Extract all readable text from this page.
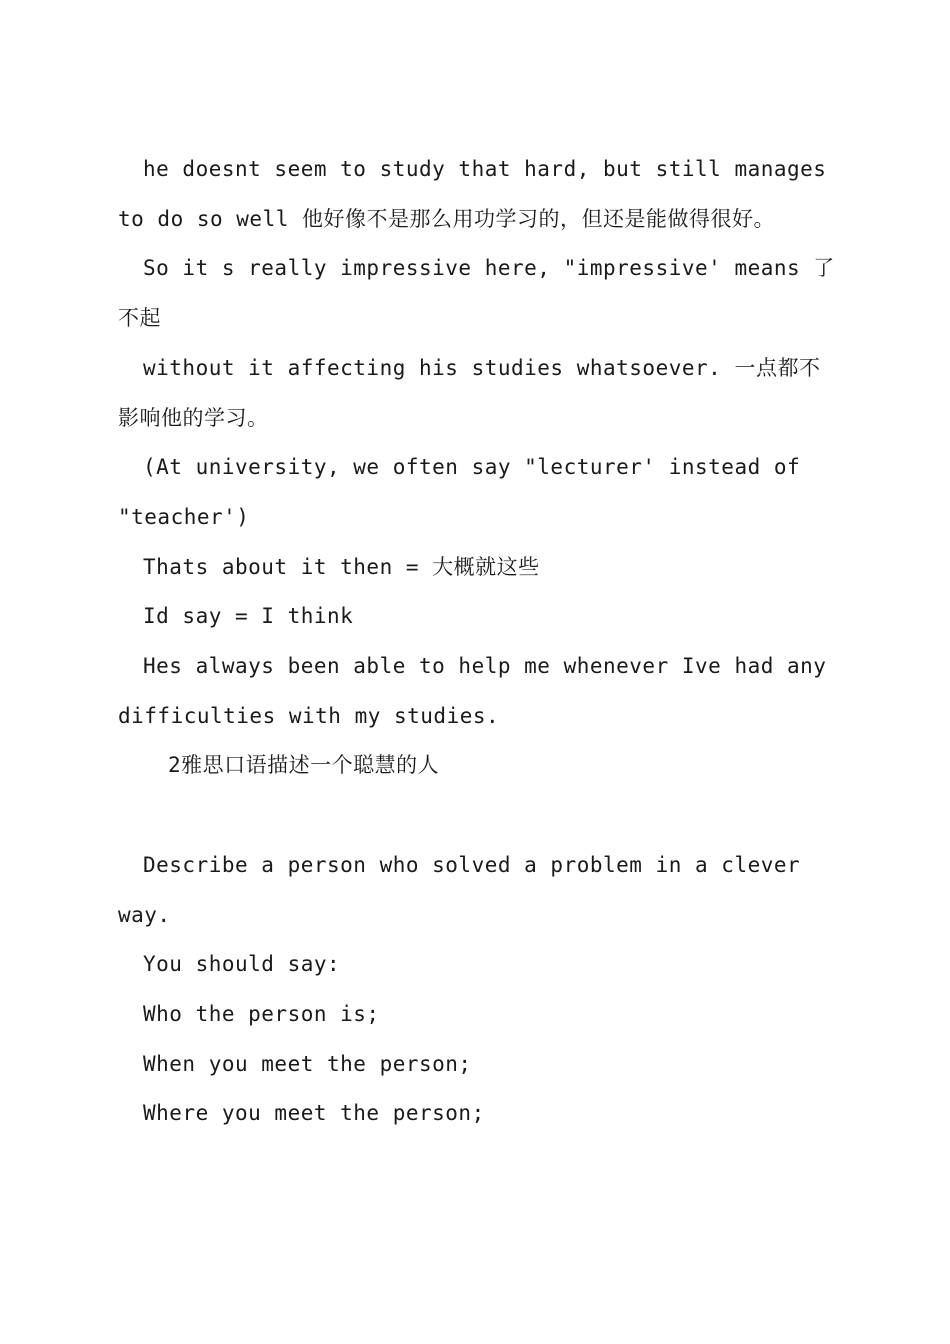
he doesnt seem to study that hard, but still manages to do so well 他好像不是那么用功学习的，但还是能做得很好。

So it s really impressive here, "impressive' means 了不起

without it affecting his studies whatsoever. 一点都不影响他的学习。

(At university, we often say "lecturer' instead of "teacher')

Thats about it then = 大概就这些

Id say = I think

Hes always been able to help me whenever Ive had any difficulties with my studies.

2雅思口语描述一个聪慧的人

Describe a person who solved a problem in a clever way.

You should say:

Who the person is;

When you meet the person;

Where you meet the person;
